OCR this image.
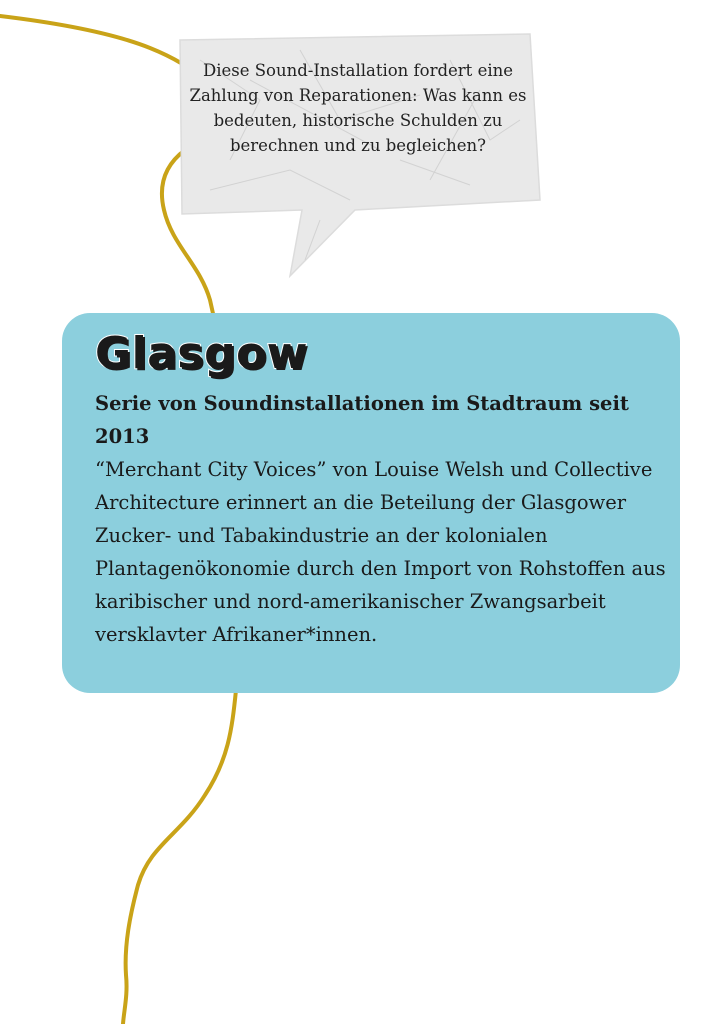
Diese Sound-Installation fordert eine Zahlung von Reparationen: Was kann es bedeuten, historische Schulden zu berechnen und zu begleichen?
Glasgow

Serie von Soundinstallationen im Stadtraum seit 2013

“Merchant City Voices” von Louise Welsh und Collective Architecture erinnert an die Beteilung der Glasgower Zucker- und Tabakindustrie an der kolonialen Plantagenökonomie durch den Import von Rohstoffen aus karibischer und nord-amerikanischer Zwangsarbeit versklavter Afrikaner*innen.
